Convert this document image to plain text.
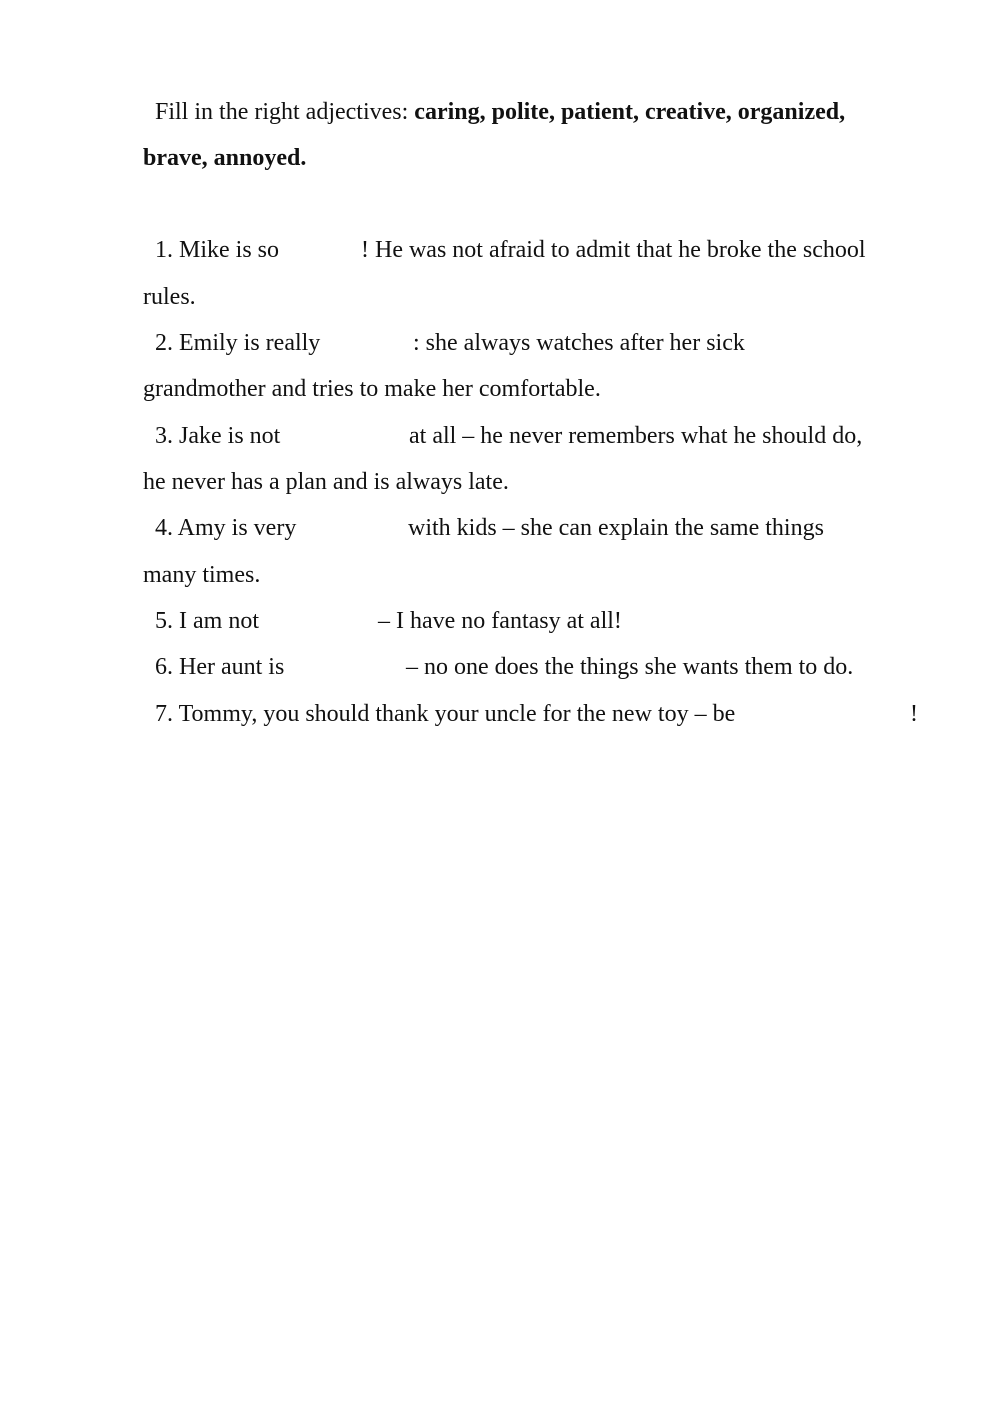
Fill in the right adjectives: caring, polite, patient, creative, organized,
brave, annoyed.
1. Mike is so	! He was not afraid to admit that he broke the school
rules.
2. Emily is really	: she always watches after her sick
grandmother and tries to make her comfortable.
3. Jake is not	at all – he never remembers what he should do,
he never has a plan and is always late.
4. Amy is very	with kids – she can explain the same things
many times.
5. I am not	– I have no fantasy at all!
6. Her aunt is	– no one does the things she wants them to do.
7. Tommy, you should thank your uncle for the new toy – be	!
